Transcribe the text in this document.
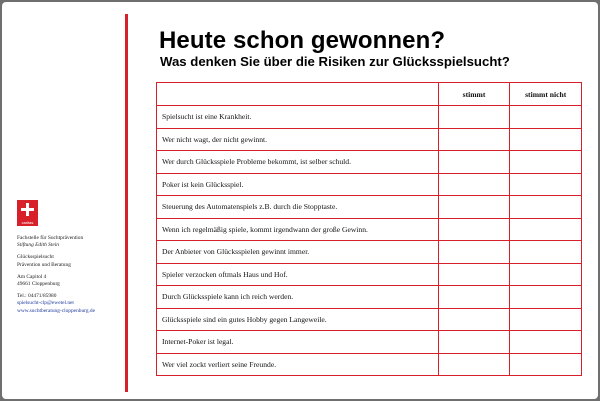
caritas
Fachstelle für Suchtprävention
Stiftung Edith Stein
Glücksspielsucht
Prävention und Beratung
Am Capitol 4
49661 Cloppenburg
Tel.: 04471/85980
spielsucht-clp@ewetel.net
www.suchtberatung-cloppenburg.de
Heute schon gewonnen?
Was denken Sie über die Risiken zur Glücksspielsucht?
	stimmt	stimmt nicht
Spielsucht ist eine Krankheit.		
Wer nicht wagt, der nicht gewinnt.		
Wer durch Glücksspiele Probleme bekommt, ist selber schuld.		
Poker ist kein Glücksspiel.		
Steuerung des Automatenspiels z.B. durch die Stopptaste.		
Wenn ich regelmäßig spiele, kommt irgendwann der große Gewinn.		
Der Anbieter von Glücksspielen gewinnt immer.		
Spieler verzocken oftmals Haus und Hof.		
Durch Glücksspiele kann ich reich werden.		
Glücksspiele sind ein gutes Hobby gegen Langeweile.		
Internet-Poker ist legal.		
Wer viel zockt verliert seine Freunde.		
